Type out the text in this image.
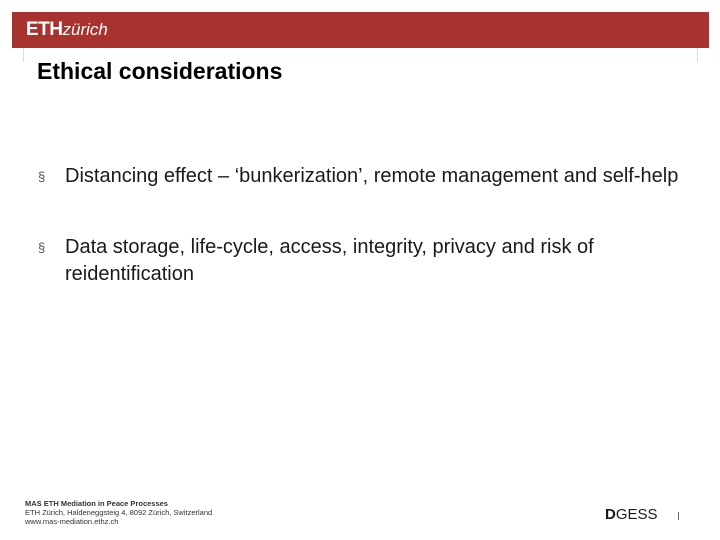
ETHzürich
Ethical considerations
§ Distancing effect – ‘bunkerization’, remote management and self-help
§ Data storage, life-cycle, access, integrity, privacy and risk of reidentification
MAS ETH Mediation in Peace Processes
ETH Zürich, Haldeneggsteig 4, 8092 Zürich, Switzerland
www.mas-mediation.ethz.ch	DGESS
